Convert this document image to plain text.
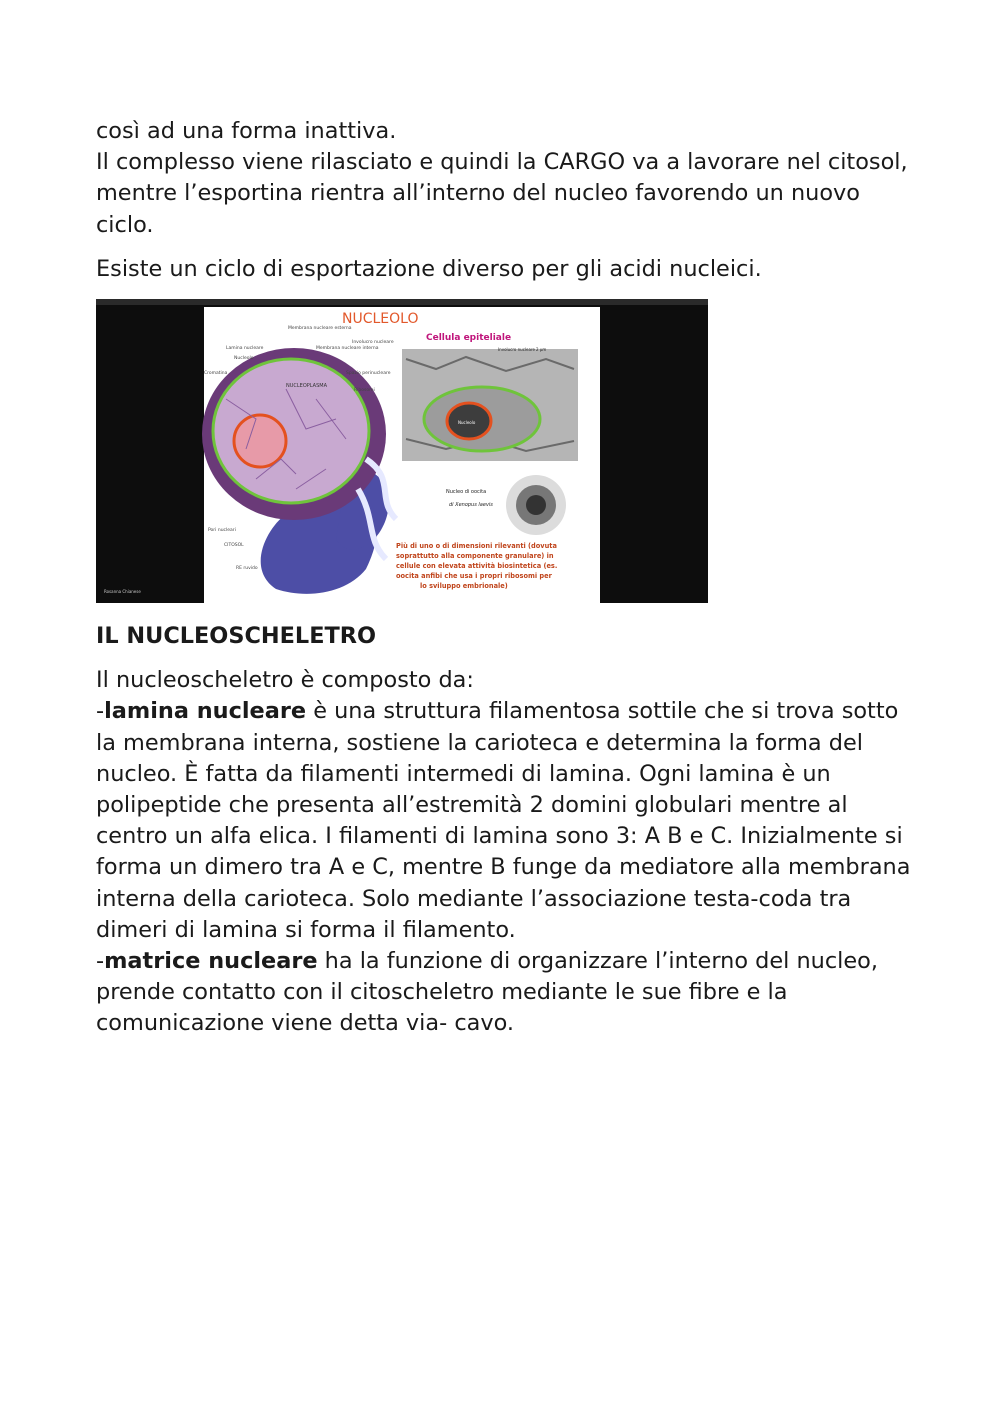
così ad una forma inattiva.

Il complesso viene rilasciato e quindi la CARGO va a lavorare nel citosol, mentre l’esportina rientra all’interno del nucleo favorendo un nuovo ciclo.

Esiste un ciclo di esportazione diverso per gli acidi nucleici.

NUCLEOLO
Cellula epiteliale
NUCLEOPLASMA
Membrana nucleare esterna
Membrana nucleare interna
Lamina nucleare
Nucleolo
Involucro nucleare
Cromatina	Spazio perinucleare
Ribosomi
Pori nucleari
CITOSOL
RE ruvido
Nucleolo
Involucro nucleare 2 µm
Nucleo di oocita
di Xenopus laevis
Più di uno o di dimensioni rilevanti (dovuta
soprattutto alla componente granulare) in
cellule con elevata attività biosintetica (es.
oocita anfibi che usa i propri ribosomi per
lo sviluppo embrionale)
Rosanna Chianese
IL NUCLEOSCHELETRO

Il nucleoscheletro è composto da:

-lamina nucleare è una struttura filamentosa sottile che si trova sotto la membrana interna, sostiene la carioteca e determina la forma del nucleo. È fatta da filamenti intermedi di lamina. Ogni lamina è un polipeptide che presenta all’estremità 2 domini globulari mentre al centro un alfa elica. I filamenti di lamina sono 3: A B e C. Inizialmente si forma un dimero tra A e C, mentre B funge da mediatore alla membrana interna della carioteca. Solo mediante l’associazione testa-coda tra dimeri di lamina si forma il filamento.

-matrice nucleare ha la funzione di organizzare l’interno del nucleo, prende contatto con il citoscheletro mediante le sue fibre e la comunicazione viene detta via- cavo.
